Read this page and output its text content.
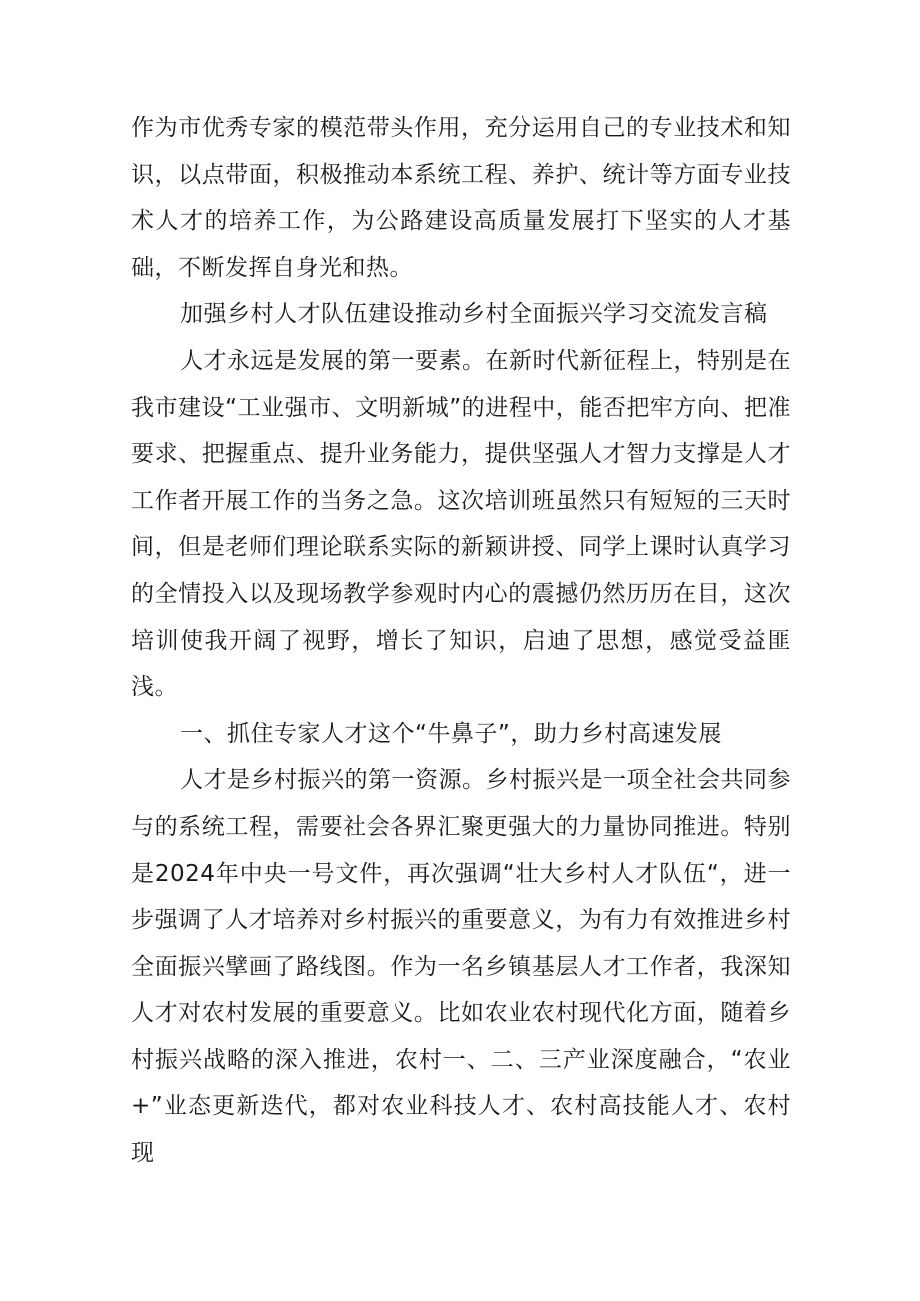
作为市优秀专家的模范带头作用，充分运用自己的专业技术和知识，以点带面，积极推动本系统工程、养护、统计等方面专业技术人才的培养工作，为公路建设高质量发展打下坚实的人才基础，不断发挥自身光和热。

加强乡村人才队伍建设推动乡村全面振兴学习交流发言稿

人才永远是发展的第一要素。在新时代新征程上，特别是在我市建设“工业强市、文明新城”的进程中，能否把牢方向、把准要求、把握重点、提升业务能力，提供坚强人才智力支撑是人才工作者开展工作的当务之急。这次培训班虽然只有短短的三天时间，但是老师们理论联系实际的新颖讲授、同学上课时认真学习的全情投入以及现场教学参观时内心的震撼仍然历历在目，这次培训使我开阔了视野，增长了知识，启迪了思想，感觉受益匪浅。

一、抓住专家人才这个“牛鼻子”，助力乡村高速发展

人才是乡村振兴的第一资源。乡村振兴是一项全社会共同参与的系统工程，需要社会各界汇聚更强大的力量协同推进。特别是2024年中央一号文件，再次强调“壮大乡村人才队伍“，进一步强调了人才培养对乡村振兴的重要意义，为有力有效推进乡村全面振兴擘画了路线图。作为一名乡镇基层人才工作者，我深知人才对农村发展的重要意义。比如农业农村现代化方面，随着乡村振兴战略的深入推进，农村一、二、三产业深度融合，“农业+”业态更新迭代，都对农业科技人才、农村高技能人才、农村现
